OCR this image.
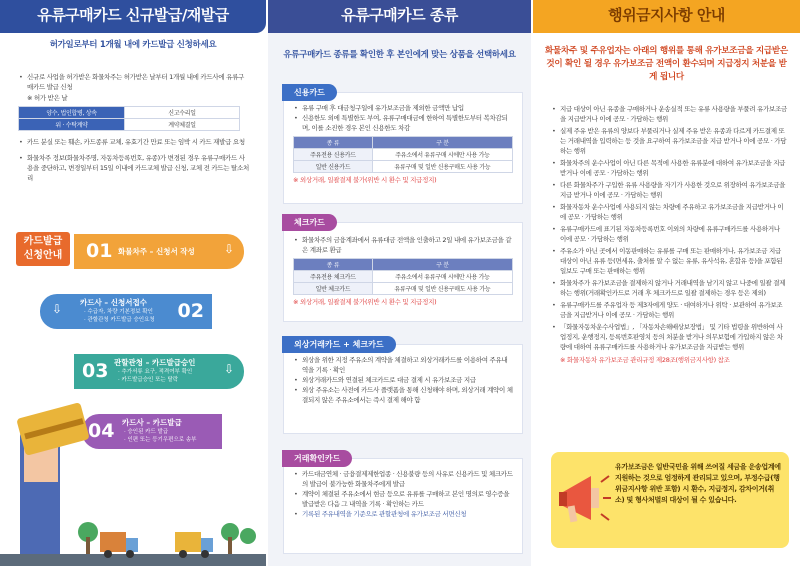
유류구매카드 신규발급/재발급
허가일로부터 1개월 내에 카드발급 신청하세요
• 신규로 사업을 허가받은 화물차주는 허가받은 날부터 1개월 내에 카드사에 유류구매카드 발급 신청
※ 허가 받은 날
양수, 법인합병, 상속	신고수리일
위 · 수탁계약	계약체결일
• 카드 분실 또는 훼손, 카드종류 교체, 유효기간 만료 또는 임박 시 카드 재발급 요청
• 화물차주 정보(화물차주명, 자동차등록번호, 유종)가 변경된 경우 유류구매카드 사용을 중단하고, 변경일부터 15일 이내에 카드교체 발급 신청, 교체 전 카드는 탈소처리
카드발급
신청안내	01 화물차주 – 신청서 작성 ⇩
⇩ 카드사 – 신청서접수
· 수급자, 차량 기본정보 확인
· 관할관청 카드발급 승인요청 02
03 관할관청 – 카드발급승인
· 추가서류 요구, 적격여부 확인
· 카드발급승인 또는 탈락
⇩
04 카드사 – 카드발급
· 승인된 카드 발급
· 인편 또는 등기우편으로 송부
유류구매카드 종류
유류구매카드 종류를 확인한 후 본인에게 맞는 상품을 선택하세요
• 유류 구매 후 대금청구일에 유가보조금을 제외한 금액만 납입
• 신용한도 외에 특별한도 부여, 유류구매대금에 한하여 특별한도부터 복차감되며, 이를 소진한 경우 본인 신용한도 차감
종 류	구 분
주유전용 신용카드	주유소에서 유류구매 시에만 사용 가능
일반 신용카드	유류구매 및 일반 신용구매도 사용 가능
※ 외상거래, 일괄결제 불가(위반 시 환수 및 지급정지)
신용카드
• 화물차주의 금융계좌에서 유류대금 전액을 인출하고 2일 내에 유가보조금을 같은 계좌로 환급
종 류	구 분
주유전용 체크카드	주유소에서 유류구매 시에만 사용 가능
일반 체크카드	유류구매 및 일반 신용구매도 사용 가능
※ 외상거래, 일괄결제 불가(위반 시 환수 및 지급정지)
체크카드
• 외상을 위한 지정 주유소의 계약을 체결하고 외상거래카드를 이용하여 주유내역을 기록 · 확인
• 외상거래카드와 연결된 체크카드로 대금 결제 시 유가보조금 지급
• 외상 주유소는 사전에 카드사 플랫폼을 통해 신청해야 하며, 외상거래 계약이 체결되지 않은 주유소에서는 즉시 결제 해야 함
외상거래카드 + 체크카드
• 카드대금연체 · 금융결제제한업종 · 신용불량 등의 사유로 신용카드 및 체크카드의 발급이 불가능한 화물차주에게 발급
• 계약이 체결된 주유소에서 현금 등으로 유류를 구매하고 본인 명의로 영수증을 발급받은 다음 그 내역을 기록 · 확인하는 카드
• 기록된 주유내역을 기준으로 관할관청에 유가보조금 서면신청
거래확인카드
행위금지사항 안내
화물차주 및 주유업자는 아래의 행위를 통해 유가보조금을 지급받은 것이 확인 될 경우 유가보조금 전액이 환수되며 지급정지 처분을 받게 됩니다
• 지급 대상이 아닌 유종을 구매하거나 운송실적 또는 유류 사용량을 부풀려 유가보조금을 지급받거나 이에 공모 · 가담하는 행위
• 실제 주유 받은 유류의 양보다 부풀리거나 실제 주유 받은 유종과 다르게 카드결제 또는 거래내역을 입력하는 등 것을 요구하여 유가보조금을 지급 받거나 이에 공모 · 가담하는 행위
• 화물차주의 운수사업이 아닌 다른 목적에 사용한 유류분에 대하여 유가보조금을 지급받거나 이에 공모 · 가담하는 행위
• 다른 화물차주가 구입한 유류 사용량을 자기가 사용한 것으로 위장하여 유가보조금을 지급 받거나 이에 공모 · 가담하는 행위
• 화물자동차 운수사업에 사용되지 않는 차량에 주유하고 유가보조금을 지급받거나 이에 공모 · 가담하는 행위
• 유류구매카드에 표기된 자동차등록번호 이외의 차량에 유류구매카드를 사용하거나 이에 공모 · 가담하는 행위
• 주유소가 아닌 곳에서 이동판매하는 유류를 구매 또는 판매하거나, 유가보조금 지급 대상이 아닌 유류 등(면세유, 출처를 알 수 없는 유류, 유사석유, 혼합유 등)을 포함된 일보도 구매 또는 판매하는 행위
• 화물차주가 유가보조금을 결제하지 않거나 거래내역을 남기지 않고 나중에 일괄 결제하는 행위(거래확인카드로 거래 후 체크카드로 일괄 결제하는 경우 등은 제외)
• 유류구매카드를 주유업자 등 제3자에게 양도 · 대여하거나 위탁 · 보관하여 유가보조금을 지급받거나 이에 공모 · 가담하는 행위
• 「화물자동차운수사업법」, 「자동차손해배상보장법」 및 기타 법령을 위반하여 사업정지, 운행정지, 등록번호판영치 등의 처분을 받거나 의무보험에 가입하지 않은 차량에 대하여 유류구매카드를 사용하거나 유가보조금을 지급받는 행위
※ 화물자동차 유가보조금 관리규정 제28조(행위금지사항) 참조
유가보조금은 일반국민을 위해 쓰여질 세금을 운송업계에 지원하는 것으로 엄정하게 관리되고 있으며, 부정수급(행위금지사항 위반 포함) 시 환수, 지급정지, 감차이거(취소) 및 형사처벌의 대상이 될 수 있습니다.
